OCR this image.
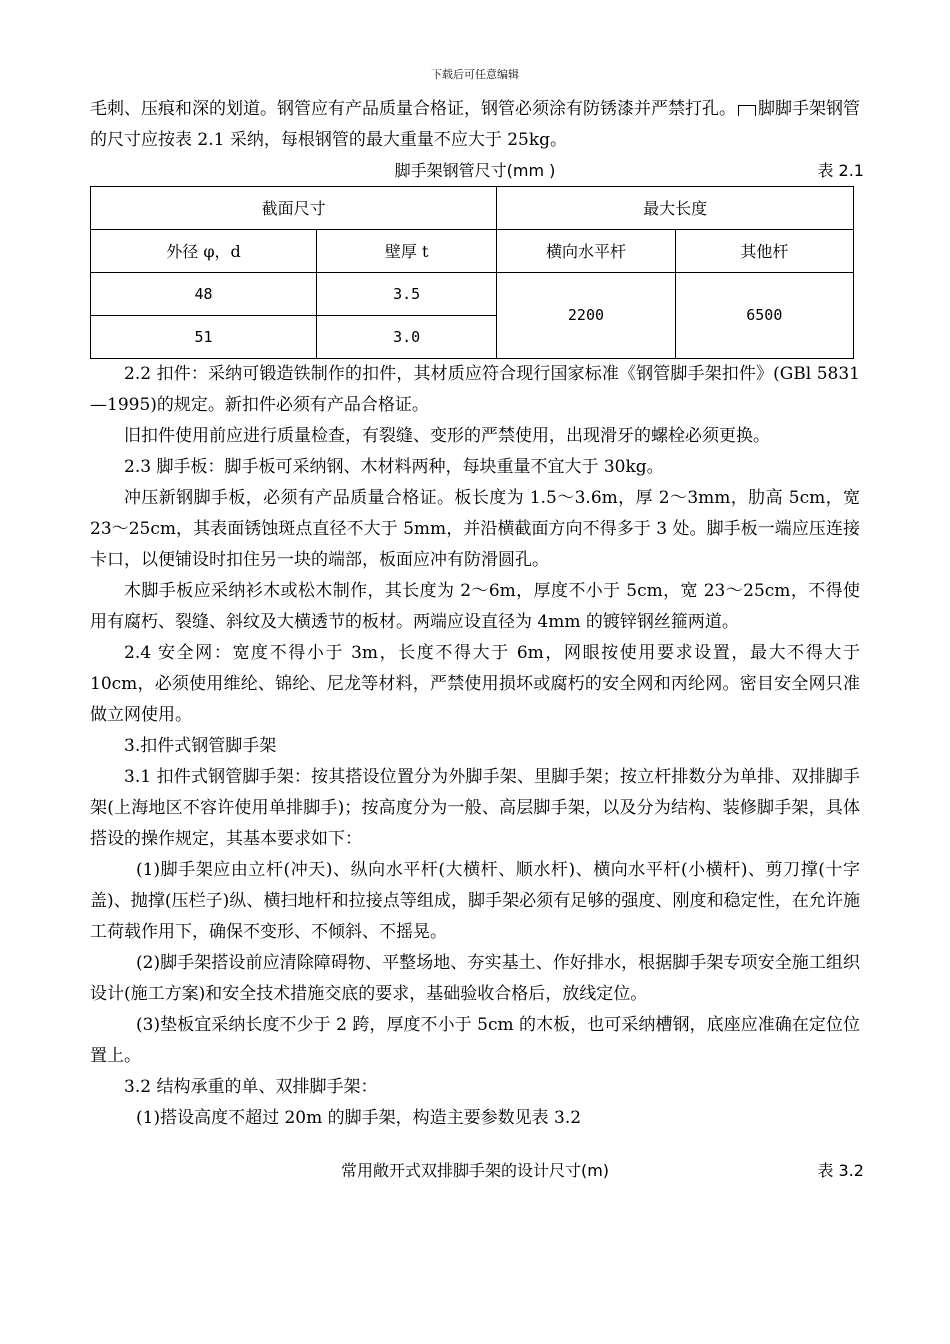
下载后可任意编辑

毛刺、压痕和深的划道。钢管应有产品质量合格证，钢管必须涂有防锈漆并严禁打孔。 脚脚手架钢管的尺寸应按表 2.1 采纳，每根钢管的最大重量不应大于 25kg。

脚手架钢管尺寸(mm )	表 2.1
截面尺寸		最大长度	
外径 φ，d	壁厚 t	横向水平杆	其他杆
48	3.5	2200	6500
51	3.0		

2.2 扣件：采纳可锻造铁制作的扣件，其材质应符合现行国家标准《钢管脚手架扣件》(GBl 5831—1995)的规定。新扣件必须有产品合格证。

旧扣件使用前应进行质量检查，有裂缝、变形的严禁使用，出现滑牙的螺栓必须更换。

2.3 脚手板：脚手板可采纳钢、木材料两种，每块重量不宜大于 30kg。

冲压新钢脚手板，必须有产品质量合格证。板长度为 1.5～3.6m，厚 2～3mm，肋高 5cm，宽 23～25cm，其表面锈蚀斑点直径不大于 5mm，并沿横截面方向不得多于 3 处。脚手板一端应压连接卡口，以便铺设时扣住另一块的端部，板面应冲有防滑圆孔。

木脚手板应采纳衫木或松木制作，其长度为 2～6m，厚度不小于 5cm，宽 23～25cm，不得使用有腐朽、裂缝、斜纹及大横透节的板材。两端应设直径为 4mm 的镀锌钢丝箍两道。

2.4 安全网：宽度不得小于 3m，长度不得大于 6m，网眼按使用要求设置，最大不得大于 10cm，必须使用维纶、锦纶、尼龙等材料，严禁使用损坏或腐朽的安全网和丙纶网。密目安全网只准做立网使用。

3.扣件式钢管脚手架

3.1 扣件式钢管脚手架：按其搭设位置分为外脚手架、里脚手架；按立杆排数分为单排、双排脚手架(上海地区不容许使用单排脚手)；按高度分为一般、高层脚手架，以及分为结构、装修脚手架，具体搭设的操作规定，其基本要求如下：

(1)脚手架应由立杆(冲天)、纵向水平杆(大横杆、顺水杆)、横向水平杆(小横杆)、剪刀撑(十字盖)、抛撑(压栏子)纵、横扫地杆和拉接点等组成，脚手架必须有足够的强度、刚度和稳定性，在允许施工荷载作用下，确保不变形、不倾斜、不摇晃。

(2)脚手架搭设前应清除障碍物、平整场地、夯实基土、作好排水，根据脚手架专项安全施工组织设计(施工方案)和安全技术措施交底的要求，基础验收合格后，放线定位。

(3)垫板宜采纳长度不少于 2 跨，厚度不小于 5cm 的木板，也可采纳槽钢，底座应准确在定位位置上。

3.2 结构承重的单、双排脚手架：

(1)搭设高度不超过 20m 的脚手架，构造主要参数见表 3.2

常用敞开式双排脚手架的设计尺寸(m)	表 3.2
